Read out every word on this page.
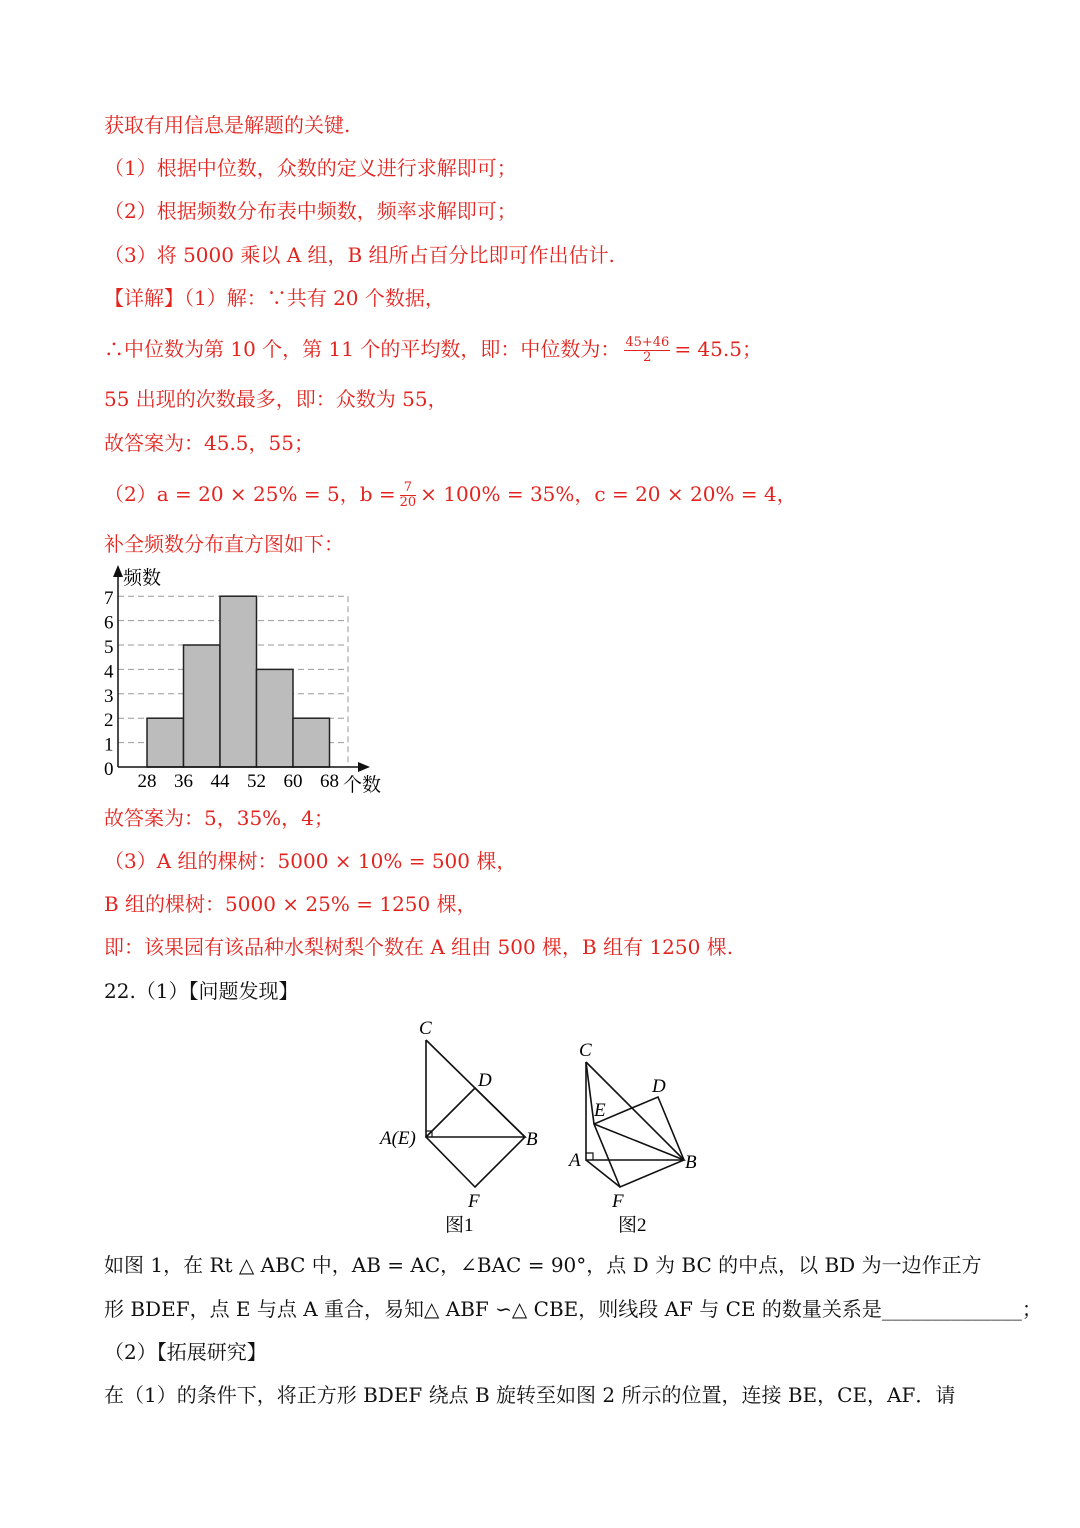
获取有用信息是解题的关键.
（1）根据中位数，众数的定义进行求解即可；
（2）根据频数分布表中频数，频率求解即可；
（3）将 5000 乘以 A 组，B 组所占百分比即可作出估计.
【详解】（1）解：∵共有 20 个数据，
∴中位数为第 10 个，第 11 个的平均数，即：中位数为： $\frac{45+46}{2} = 45.5$；
55 出现的次数最多，即：众数为 55，
故答案为：45.5，55；
（2）a = 20 × 25% = 5，$b = \frac{7}{20} \times 100\% = 35\%$，c = 20 × 20% = 4，
补全频数分布直方图如下：
0
1
2
3
4
5
6
7
28 36 44 52 60 68
频数
个数
故答案为：5，35%，4；
（3）A 组的棵树：5000 × 10% = 500 棵，
B 组的棵树：5000 × 25% = 1250 棵，
即：该果园有该品种水梨树梨个数在 A 组由 500 棵，B 组有 1250 棵.
22.（1）【问题发现】
C
D
A(E)	B
F
图1
C
D
E
A	B
F
图2
如图 1，在 Rt △ ABC 中，AB = AC，∠BAC = 90°，点 D 为 BC 的中点，以 BD 为一边作正方
形 BDEF，点 E 与点 A 重合，易知△ ABF ∽△ CBE，则线段 AF 与 CE 的数量关系是______________；
（2）【拓展研究】
在（1）的条件下，将正方形 BDEF 绕点 B 旋转至如图 2 所示的位置，连接 BE，CE，AF．请
